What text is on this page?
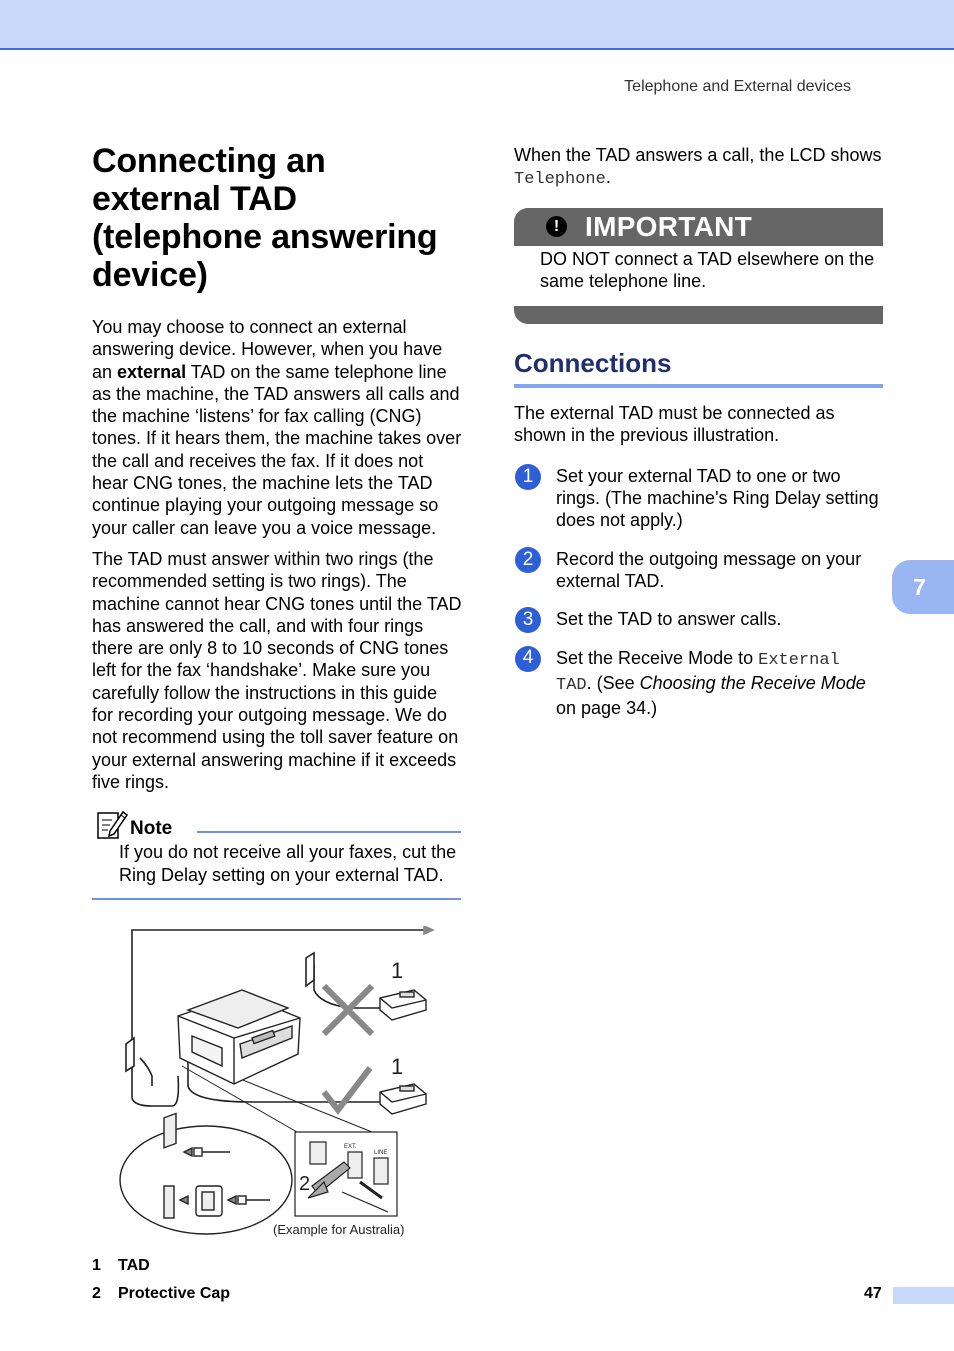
Telephone and External devices
Connecting an external TAD (telephone answering device)

You may choose to connect an external answering device. However, when you have an external TAD on the same telephone line as the machine, the TAD answers all calls and the machine ‘listens’ for fax calling (CNG) tones. If it hears them, the machine takes over the call and receives the fax. If it does not hear CNG tones, the machine lets the TAD continue playing your outgoing message so your caller can leave you a voice message.

The TAD must answer within two rings (the recommended setting is two rings). The machine cannot hear CNG tones until the TAD has answered the call, and with four rings there are only 8 to 10 seconds of CNG tones left for the fax ‘handshake’. Make sure you carefully follow the instructions in this guide for recording your outgoing message. We do not recommend using the toll saver feature on your external answering machine if it exceeds five rings.

Note

If you do not receive all your faxes, cut the Ring Delay setting on your external TAD.

1
1
EXT.
LINE
2
(Example for Australia)
1	TAD
2	Protective Cap

When the TAD answers a call, the LCD shows Telephone.

! IMPORTANT

DO NOT connect a TAD elsewhere on the same telephone line.

Connections

The external TAD must be connected as shown in the previous illustration.

1	Set your external TAD to one or two rings. (The machine's Ring Delay setting does not apply.)
2	Record the outgoing message on your external TAD.
3	Set the TAD to answer calls.
4	Set the Receive Mode to External TAD. (See Choosing the Receive Mode on page 34.)
7
47
